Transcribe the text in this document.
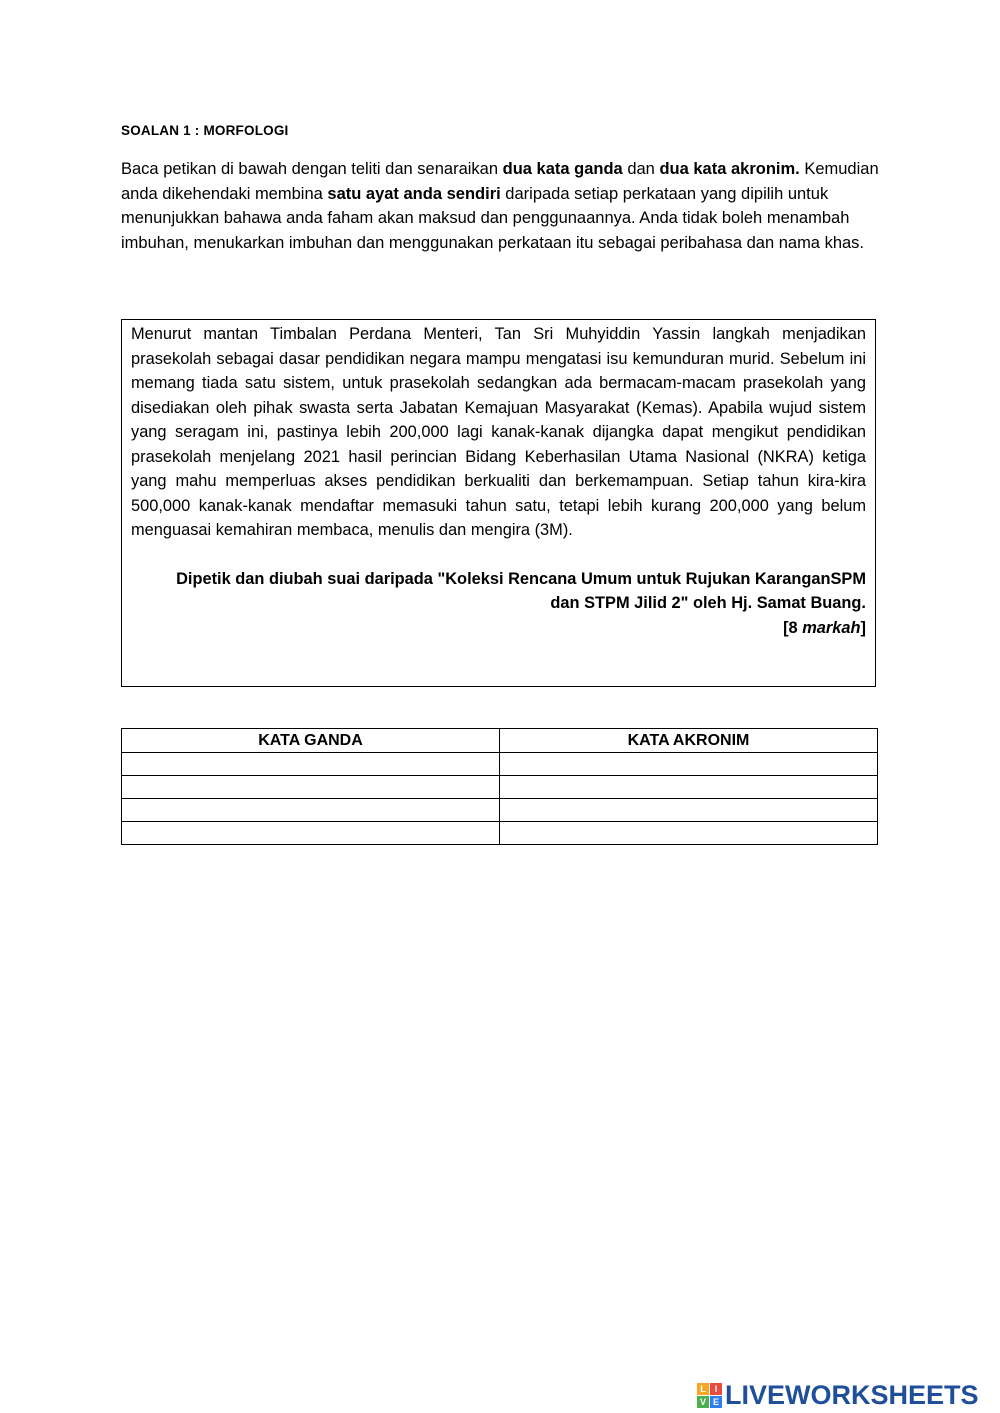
SOALAN 1 : MORFOLOGI
Baca petikan di bawah dengan teliti dan senaraikan dua kata ganda dan dua kata akronim. Kemudian anda dikehendaki membina satu ayat anda sendiri daripada setiap perkataan yang dipilih untuk menunjukkan bahawa anda faham akan maksud dan penggunaannya. Anda tidak boleh menambah imbuhan, menukarkan imbuhan dan menggunakan perkataan itu sebagai peribahasa dan nama khas.
Menurut mantan Timbalan Perdana Menteri, Tan Sri Muhyiddin Yassin langkah menjadikan prasekolah sebagai dasar pendidikan negara mampu mengatasi isu kemunduran murid. Sebelum ini memang tiada satu sistem, untuk prasekolah sedangkan ada bermacam-macam prasekolah yang disediakan oleh pihak swasta serta Jabatan Kemajuan Masyarakat (Kemas). Apabila wujud sistem yang seragam ini, pastinya lebih 200,000 lagi kanak-kanak dijangka dapat mengikut pendidikan prasekolah menjelang 2021 hasil perincian Bidang Keberhasilan Utama Nasional (NKRA) ketiga yang mahu memperluas akses pendidikan berkualiti dan berkemampuan. Setiap tahun kira-kira 500,000 kanak-kanak mendaftar memasuki tahun satu, tetapi lebih kurang 200,000 yang belum menguasai kemahiran membaca, menulis dan mengira (3M).
Dipetik dan diubah suai daripada "Koleksi Rencana Umum untuk Rujukan KaranganSPM
dan STPM Jilid 2" oleh Hj. Samat Buang.
[8 markah]
KATA GANDA	KATA AKRONIM

L I
V E LIVEWORKSHEETS
